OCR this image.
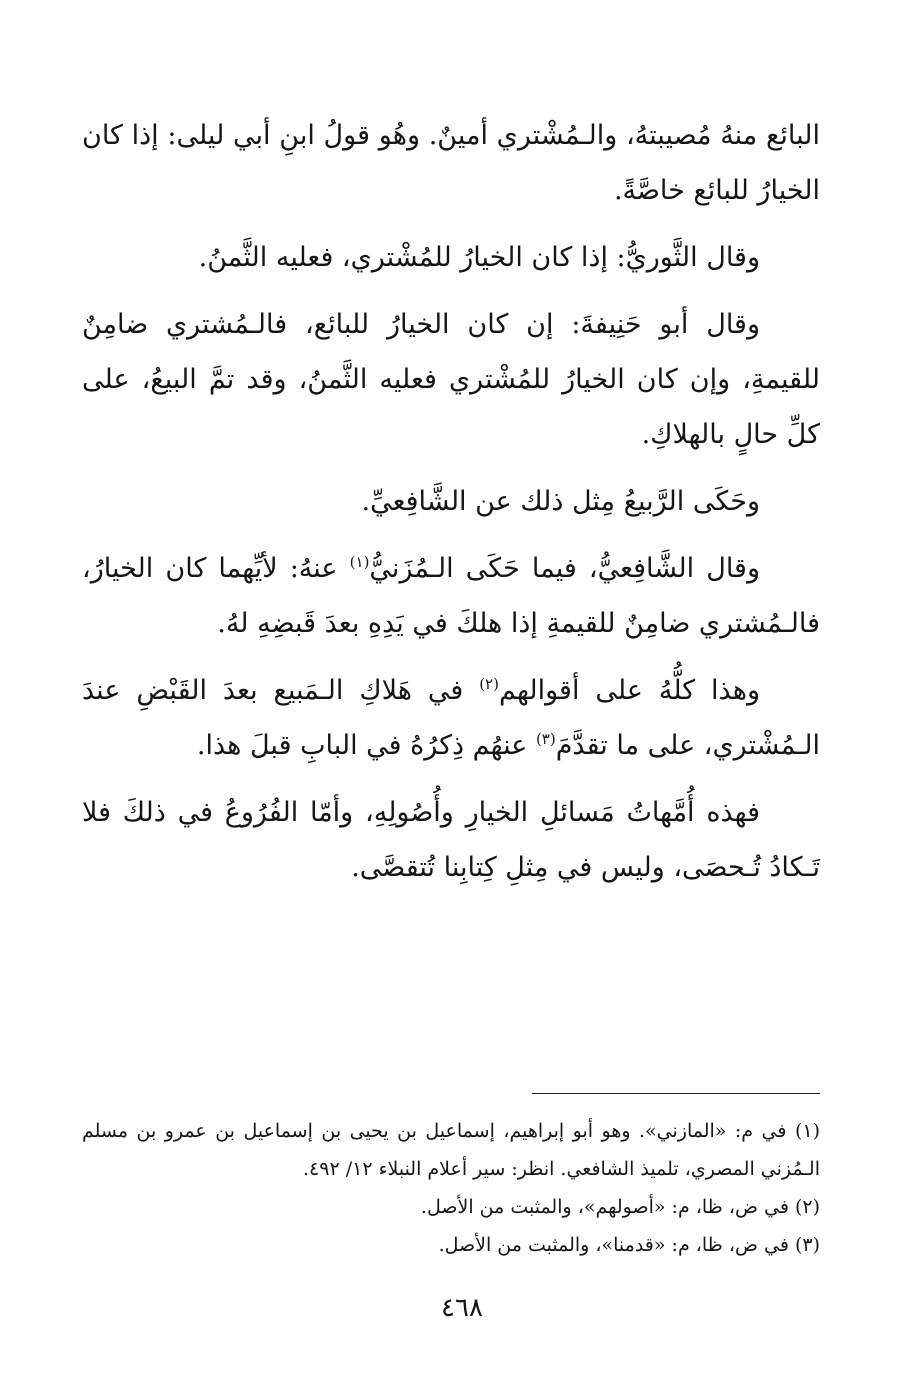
البائع منهُ مُصيبتهُ، والـمُشْتري أمينٌ. وهُو قولُ ابنِ أبي ليلى: إذا كان الخيارُ للبائع خاصَّةً.

وقال الثَّوريُّ: إذا كان الخيارُ للمُشْتري، فعليه الثَّمنُ.

وقال أبو حَنِيفةَ: إن كان الخيارُ للبائع، فالـمُشتري ضامِنٌ للقيمةِ، وإن كان الخيارُ للمُشْتري فعليه الثَّمنُ، وقد تمَّ البيعُ، على كلِّ حالٍ بالهلاكِ.

وحَكَى الرَّبيعُ مِثل ذلك عن الشَّافِعيِّ.

وقال الشَّافِعيُّ، فيما حَكَى الـمُزَنيُّ$^{(١)}$ عنهُ: لأيِّهما كان الخيارُ، فالـمُشتري ضامِنٌ للقيمةِ إذا هلكَ في يَدِهِ بعدَ قَبضِهِ لهُ.

وهذا كلُّهُ على أقوالهم$^{(٢)}$ في هَلاكِ الـمَبيع بعدَ القَبْضِ عندَ الـمُشْتري، على ما تقدَّمَ$^{(٣)}$ عنهُم ذِكرُهُ في البابِ قبلَ هذا.

فهذه أُمَّهاتُ مَسائلِ الخيارِ وأُصُولِهِ، وأمّا الفُرُوعُ في ذلكَ فلا تَـكادُ تُـحصَى، وليس في مِثلِ كِتابِنا تُتقصَّى.

(١) في م: «المازني». وهو أبو إبراهيم، إسماعيل بن يحيى بن إسماعيل بن عمرو بن مسلم الـمُزني المصري، تلميذ الشافعي. انظر: سير أعلام النبلاء ١٢/ ٤٩٢.

(٢) في ض، ظا، م: «أصولهم»، والمثبت من الأصل.

(٣) في ض، ظا، م: «قدمنا»، والمثبت من الأصل.

٤٦٨
